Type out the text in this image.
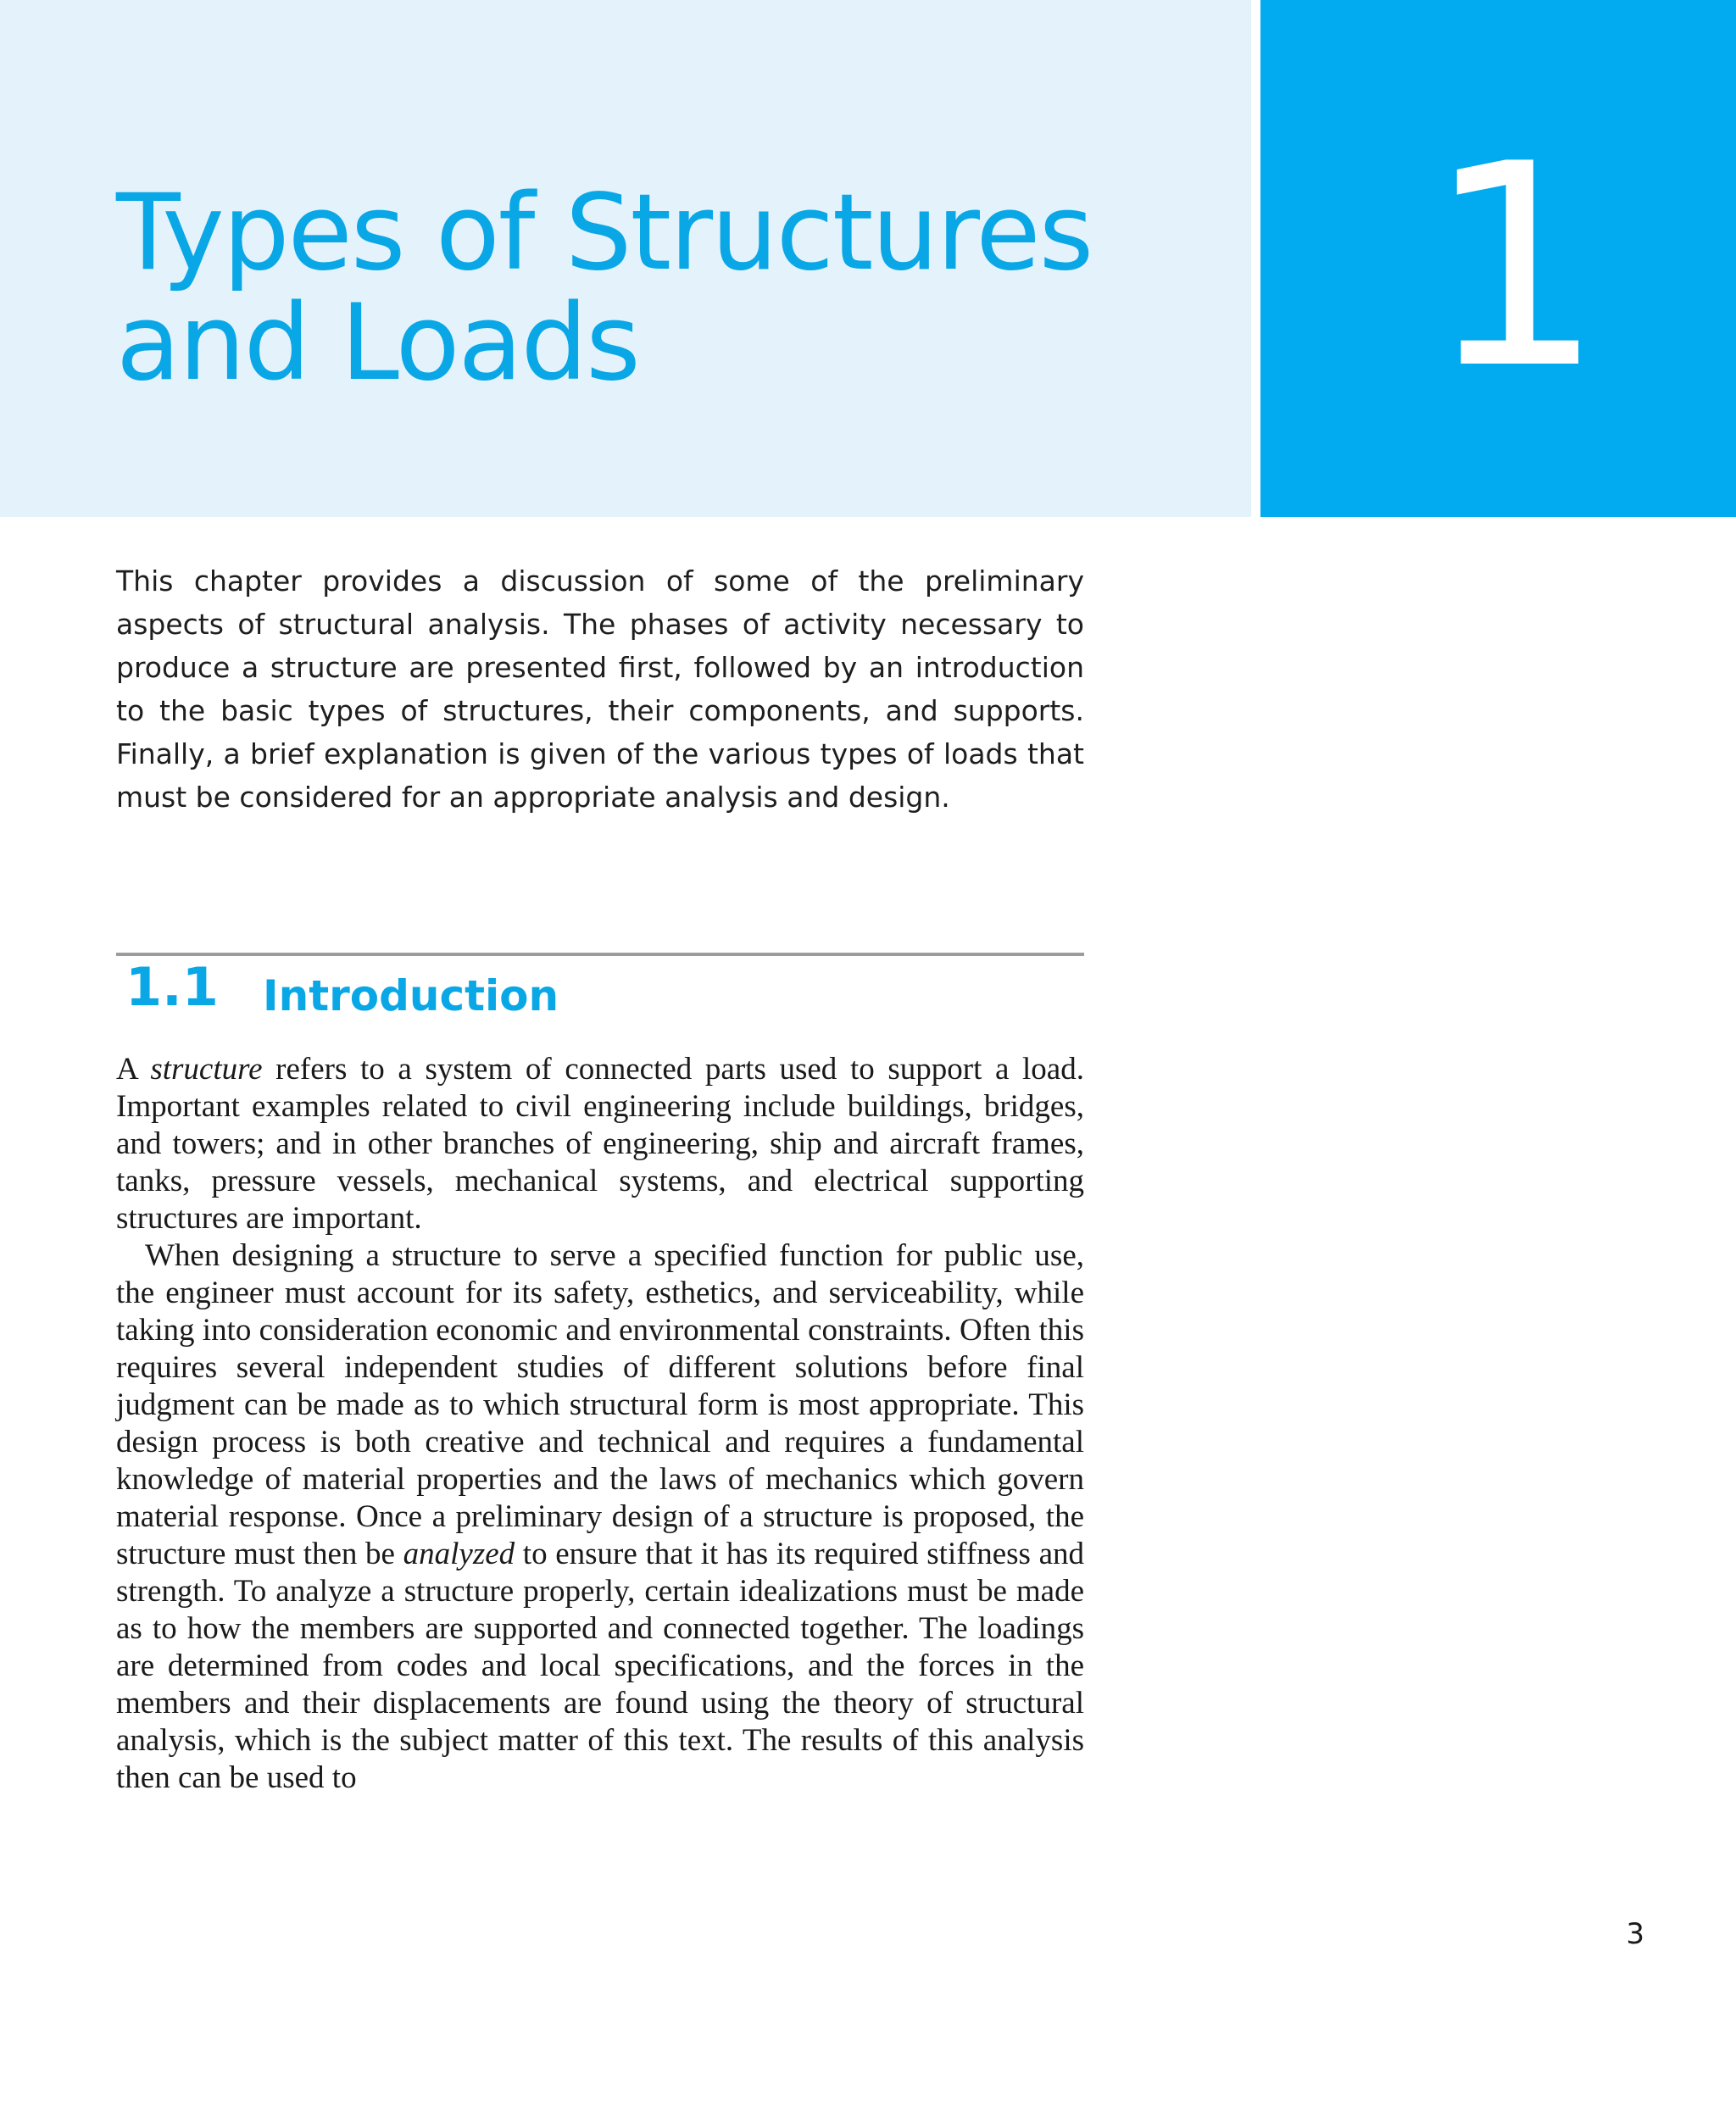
Types of Structures
and Loads	1

This chapter provides a discussion of some of the preliminary aspects of structural analysis. The phases of activity necessary to produce a structure are presented first, followed by an introduction to the basic types of structures, their components, and supports. Finally, a brief explanation is given of the various types of loads that must be considered for an appropriate analysis and design.

1.1 Introduction

A structure refers to a system of connected parts used to support a load. Important examples related to civil engineering include buildings, bridges, and towers; and in other branches of engineering, ship and aircraft frames, tanks, pressure vessels, mechanical systems, and electrical supporting structures are important.

When designing a structure to serve a specified function for public use, the engineer must account for its safety, esthetics, and serviceability, while taking into consideration economic and environmental constraints. Often this requires several independent studies of different solutions before final judgment can be made as to which structural form is most appropriate. This design process is both creative and technical and requires a fundamental knowledge of material properties and the laws of mechanics which govern material response. Once a preliminary design of a structure is proposed, the structure must then be analyzed to ensure that it has its required stiffness and strength. To analyze a structure properly, certain idealizations must be made as to how the members are supported and connected together. The loadings are determined from codes and local specifications, and the forces in the members and their displacements are found using the theory of structural analysis, which is the subject matter of this text. The results of this analysis then can be used to

3
